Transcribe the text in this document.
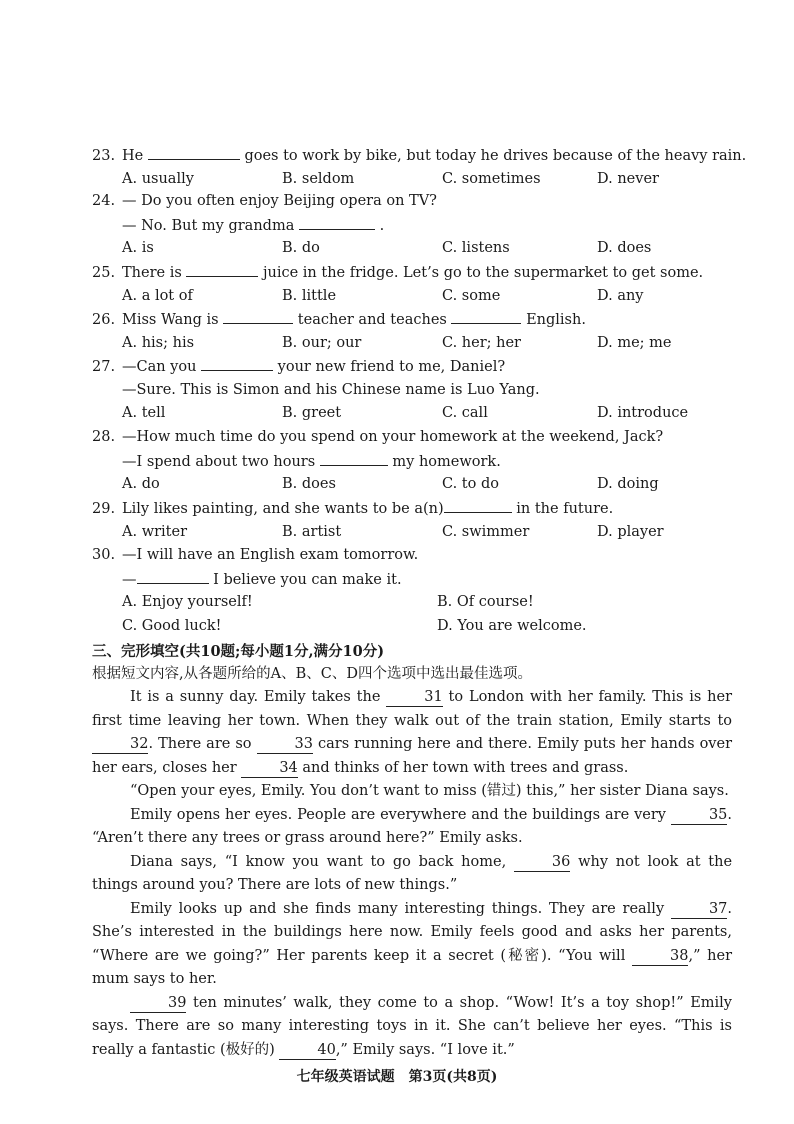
23. He	goes to work by bike, but today he drives because of the heavy rain.
A. usually	B. seldom	C. sometimes	D. never
24. — Do you often enjoy Beijing opera on TV?
— No. But my grandma	.
A. is	B. do	C. listens	D. does
25. There is	juice in the fridge. Let’s go to the supermarket to get some.
A. a lot of	B. little	C. some	D. any
26. Miss Wang is	teacher and teaches	English.
A. his; his	B. our; our	C. her; her	D. me; me
27. —Can you	your new friend to me, Daniel?
—Sure. This is Simon and his Chinese name is Luo Yang.
A. tell	B. greet	C. call	D. introduce
28. —How much time do you spend on your homework at the weekend, Jack?
—I spend about two hours	my homework.
A. do	B. does	C. to do	D. doing
29. Lily likes painting, and she wants to be a(n)	in the future.
A. writer	B. artist	C. swimmer	D. player
30. —I will have an English exam tomorrow.
—	I believe you can make it.
A. Enjoy yourself!	B. Of course!
C. Good luck!	D. You are welcome.
三、完形填空(共10题;每小题1分,满分10分)
根据短文内容,从各题所给的A、B、C、D四个选项中选出最佳选项。

It is a sunny day. Emily takes the	31 to London with her family. This is her first time leaving her town. When they walk out of the train station, Emily starts to 32. There are so	33 cars running here and there. Emily puts her hands over her ears, closes her	34 and thinks of her town with trees and grass.

“Open your eyes, Emily. You don’t want to miss (错过) this,” her sister Diana says.

Emily opens her eyes. People are everywhere and the buildings are very	35. “Aren’t there any trees or grass around here?” Emily asks.

Diana says, “I know you want to go back home,	36 why not look at the things around you? There are lots of new things.”

Emily looks up and she finds many interesting things. They are really	37. She’s interested in the buildings here now. Emily feels good and asks her parents, “Where are we going?” Her parents keep it a secret (秘密). “You will	38,” her mum says to her.

39 ten minutes’ walk, they come to a shop. “Wow! It’s a toy shop!” Emily says. There are so many interesting toys in it. She can’t believe her eyes. “This is really a fantastic (极好的)	40,” Emily says. “I love it.”

七年级英语试题　第3页(共8页)
